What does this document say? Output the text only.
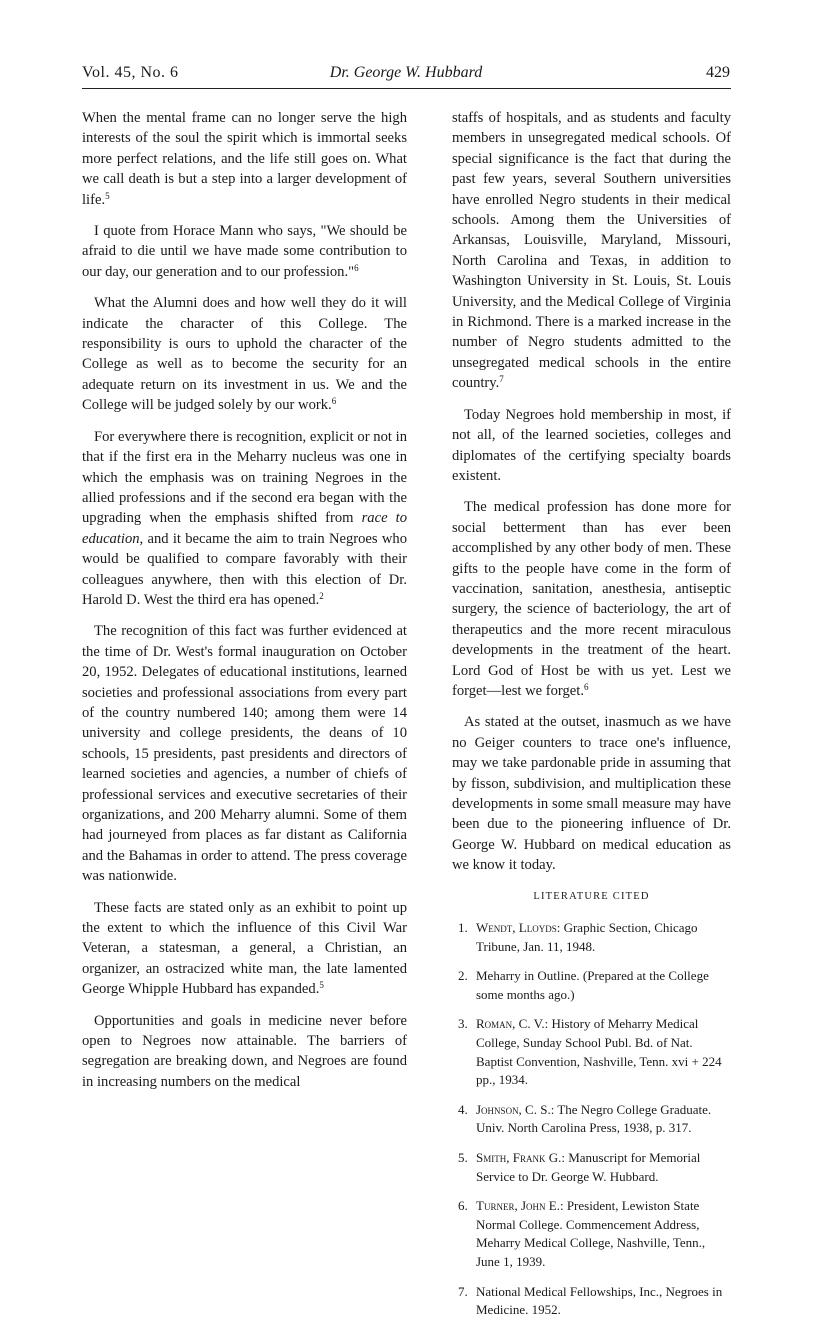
Vol. 45, No. 6	Dr. George W. Hubbard	429

When the mental frame can no longer serve the high interests of the soul the spirit which is immortal seeks more perfect relations, and the life still goes on. What we call death is but a step into a larger development of life.$^5$

I quote from Horace Mann who says, "We should be afraid to die until we have made some contribution to our day, our generation and to our profession."$^6$

What the Alumni does and how well they do it will indicate the character of this College. The responsibility is ours to uphold the character of the College as well as to become the security for an adequate return on its investment in us. We and the College will be judged solely by our work.$^6$

For everywhere there is recognition, explicit or not in that if the first era in the Meharry nucleus was one in which the emphasis was on training Negroes in the allied professions and if the second era began with the upgrading when the emphasis shifted from race to education, and it became the aim to train Negroes who would be qualified to compare favorably with their colleagues anywhere, then with this election of Dr. Harold D. West the third era has opened.$^2$

The recognition of this fact was further evidenced at the time of Dr. West's formal inauguration on October 20, 1952. Delegates of educational institutions, learned societies and professional associations from every part of the country numbered 140; among them were 14 university and college presidents, the deans of 10 schools, 15 presidents, past presidents and directors of learned societies and agencies, a number of chiefs of professional services and executive secretaries of their organizations, and 200 Meharry alumni. Some of them had journeyed from places as far distant as California and the Bahamas in order to attend. The press coverage was nationwide.

These facts are stated only as an exhibit to point up the extent to which the influence of this Civil War Veteran, a statesman, a general, a Christian, an organizer, an ostracized white man, the late lamented George Whipple Hubbard has expanded.$^5$

Opportunities and goals in medicine never before open to Negroes now attainable. The barriers of segregation are breaking down, and Negroes are found in increasing numbers on the medical

staffs of hospitals, and as students and faculty members in unsegregated medical schools. Of special significance is the fact that during the past few years, several Southern universities have enrolled Negro students in their medical schools. Among them the Universities of Arkansas, Louisville, Maryland, Missouri, North Carolina and Texas, in addition to Washington University in St. Louis, St. Louis University, and the Medical College of Virginia in Richmond. There is a marked increase in the number of Negro students admitted to the unsegregated medical schools in the entire country.$^7$

Today Negroes hold membership in most, if not all, of the learned societies, colleges and diplomates of the certifying specialty boards existent.

The medical profession has done more for social betterment than has ever been accomplished by any other body of men. These gifts to the people have come in the form of vaccination, sanitation, anesthesia, antiseptic surgery, the science of bacteriology, the art of therapeutics and the more recent miraculous developments in the treatment of the heart. Lord God of Host be with us yet. Lest we forget—lest we forget.$^6$

As stated at the outset, inasmuch as we have no Geiger counters to trace one's influence, may we take pardonable pride in assuming that by fisson, subdivision, and multiplication these developments in some small measure may have been due to the pioneering influence of Dr. George W. Hubbard on medical education as we know it today.

LITERATURE CITED
1. Wendt, Lloyds: Graphic Section, Chicago Tribune, Jan. 11, 1948.
2. Meharry in Outline. (Prepared at the College some months ago.)
3. Roman, C. V.: History of Meharry Medical College, Sunday School Publ. Bd. of Nat. Baptist Convention, Nashville, Tenn. xvi + 224 pp., 1934.
4. Johnson, C. S.: The Negro College Graduate. Univ. North Carolina Press, 1938, p. 317.
5. Smith, Frank G.: Manuscript for Memorial Service to Dr. George W. Hubbard.
6. Turner, John E.: President, Lewiston State Normal College. Commencement Address, Meharry Medical College, Nashville, Tenn., June 1, 1939.
7. National Medical Fellowships, Inc., Negroes in Medicine. 1952.
